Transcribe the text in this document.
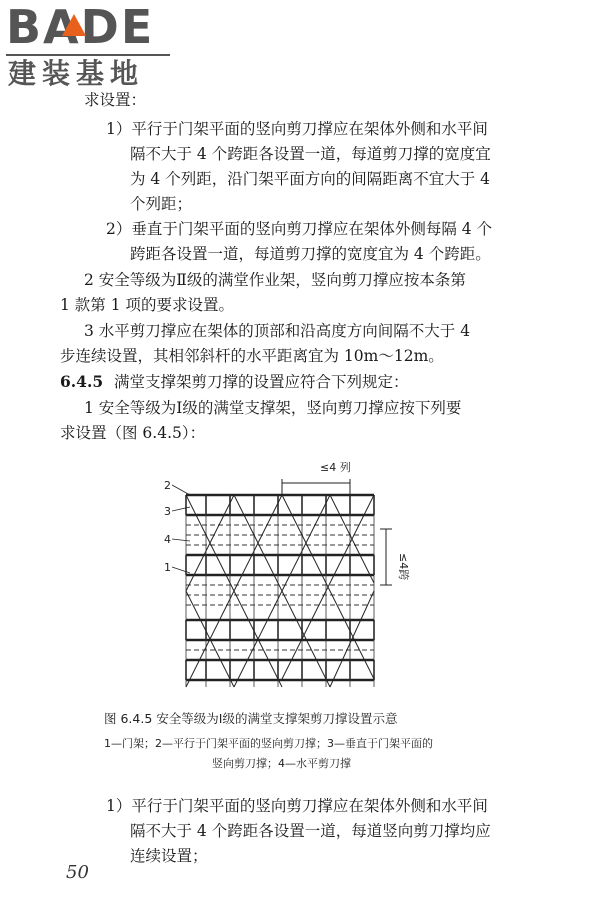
BADE
建装基地
求设置：
1）平行于门架平面的竖向剪刀撑应在架体外侧和水平间
隔不大于 4 个跨距各设置一道，每道剪刀撑的宽度宜
为 4 个列距，沿门架平面方向的间隔距离不宜大于 4
个列距；
2）垂直于门架平面的竖向剪刀撑应在架体外侧每隔 4 个
跨距各设置一道，每道剪刀撑的宽度宜为 4 个跨距。
2 安全等级为Ⅱ级的满堂作业架，竖向剪刀撑应按本条第
1 款第 1 项的要求设置。
3 水平剪刀撑应在架体的顶部和沿高度方向间隔不大于 4
步连续设置，其相邻斜杆的水平距离宜为 10m～12m。
6.4.5 满堂支撑架剪刀撑的设置应符合下列规定：
1 安全等级为Ⅰ级的满堂支撑架，竖向剪刀撑应按下列要
求设置（图 6.4.5）：
≤4 列
≤4跨
2
3
4
1
图 6.4.5 安全等级为Ⅰ级的满堂支撑架剪刀撑设置示意
1—门架；2—平行于门架平面的竖向剪刀撑；3—垂直于门架平面的
竖向剪刀撑；4—水平剪刀撑
1）平行于门架平面的竖向剪刀撑应在架体外侧和水平间
隔不大于 4 个跨距各设置一道，每道竖向剪刀撑均应
连续设置；
50
